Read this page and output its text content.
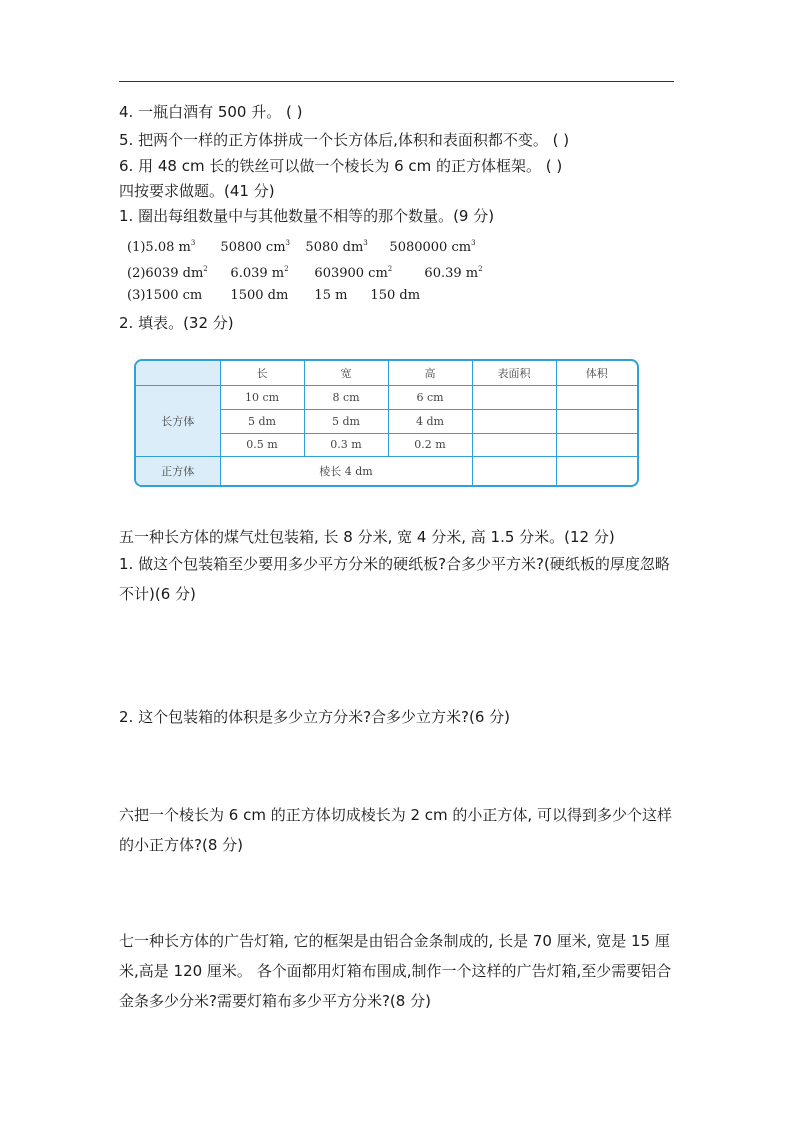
4. 一瓶白酒有 500 升。 ( )
5. 把两个一样的正方体拼成一个长方体后,体积和表面积都不变。 ( )
6. 用 48 cm 长的铁丝可以做一个棱长为 6 cm 的正方体框架。 ( )
四按要求做题。(41 分)
1. 圈出每组数量中与其他数量不相等的那个数量。(9 分)
(1)5.08 $m^3$ 50800 $cm^3$ 5080 $dm^3$ 5080000 $cm^3$
(2)6039 $dm^2$ 6.039 $m^2$ 603900 $cm^2$ 60.39 $m^2$
(3)1500 cm 1500 dm 15 m 150 dm
2. 填表。(32 分)
	长	宽	高	表面积	体积
长方体	10 cm	8 cm	6 cm		
	5 dm	5 dm	4 dm		
	0.5 m	0.3 m	0.2 m		
正方体	棱长 4 dm				
五一种长方体的煤气灶包装箱, 长 8 分米, 宽 4 分米, 高 1.5 分米。(12 分)
1. 做这个包装箱至少要用多少平方分米的硬纸板?合多少平方米?(硬纸板的厚度忽略不计)(6 分)
2. 这个包装箱的体积是多少立方分米?合多少立方米?(6 分)
六把一个棱长为 6 cm 的正方体切成棱长为 2 cm 的小正方体, 可以得到多少个这样的小正方体?(8 分)
七一种长方体的广告灯箱, 它的框架是由铝合金条制成的, 长是 70 厘米, 宽是 15 厘米,高是 120 厘米。 各个面都用灯箱布围成,制作一个这样的广告灯箱,至少需要铝合金条多少分米?需要灯箱布多少平方分米?(8 分)
